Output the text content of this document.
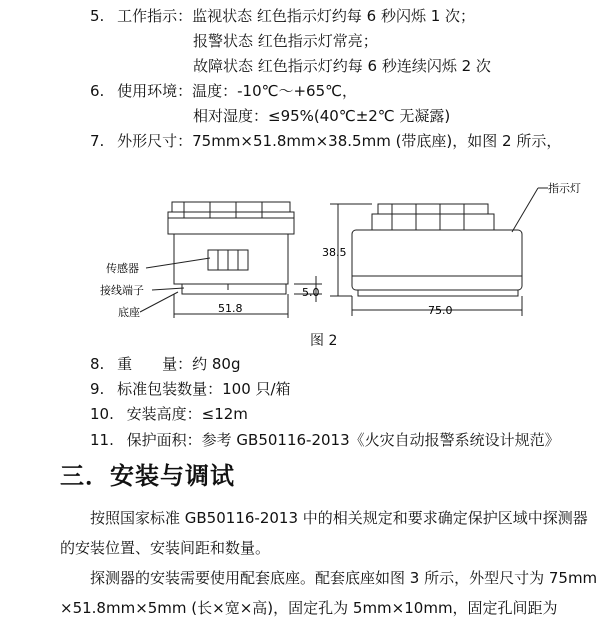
5. 工作指示：监视状态 红色指示灯约每 6 秒闪烁 1 次；
报警状态 红色指示灯常亮；
故障状态 红色指示灯约每 6 秒连续闪烁 2 次
6. 使用环境：温度：-10℃～+65℃，
相对湿度：≤95%(40℃±2℃ 无凝露)
7. 外形尺寸：75mm×51.8mm×38.5mm (带底座)，如图 2 所示，
传感器
接线端子
底座	51.8
5.0
38.5
75.0
指示灯
图 2
8. 重　　量：约 80g
9. 标准包装数量：100 只/箱
10. 安装高度：≤12m
11. 保护面积：参考 GB50116-2013《火灾自动报警系统设计规范》
三．安装与调试
按照国家标准 GB50116-2013 中的相关规定和要求确定保护区域中探测器
的安装位置、安装间距和数量。
探测器的安装需要使用配套底座。配套底座如图 3 所示，外型尺寸为 75mm
×51.8mm×5mm (长×宽×高)，固定孔为 5mm×10mm，固定孔间距为
